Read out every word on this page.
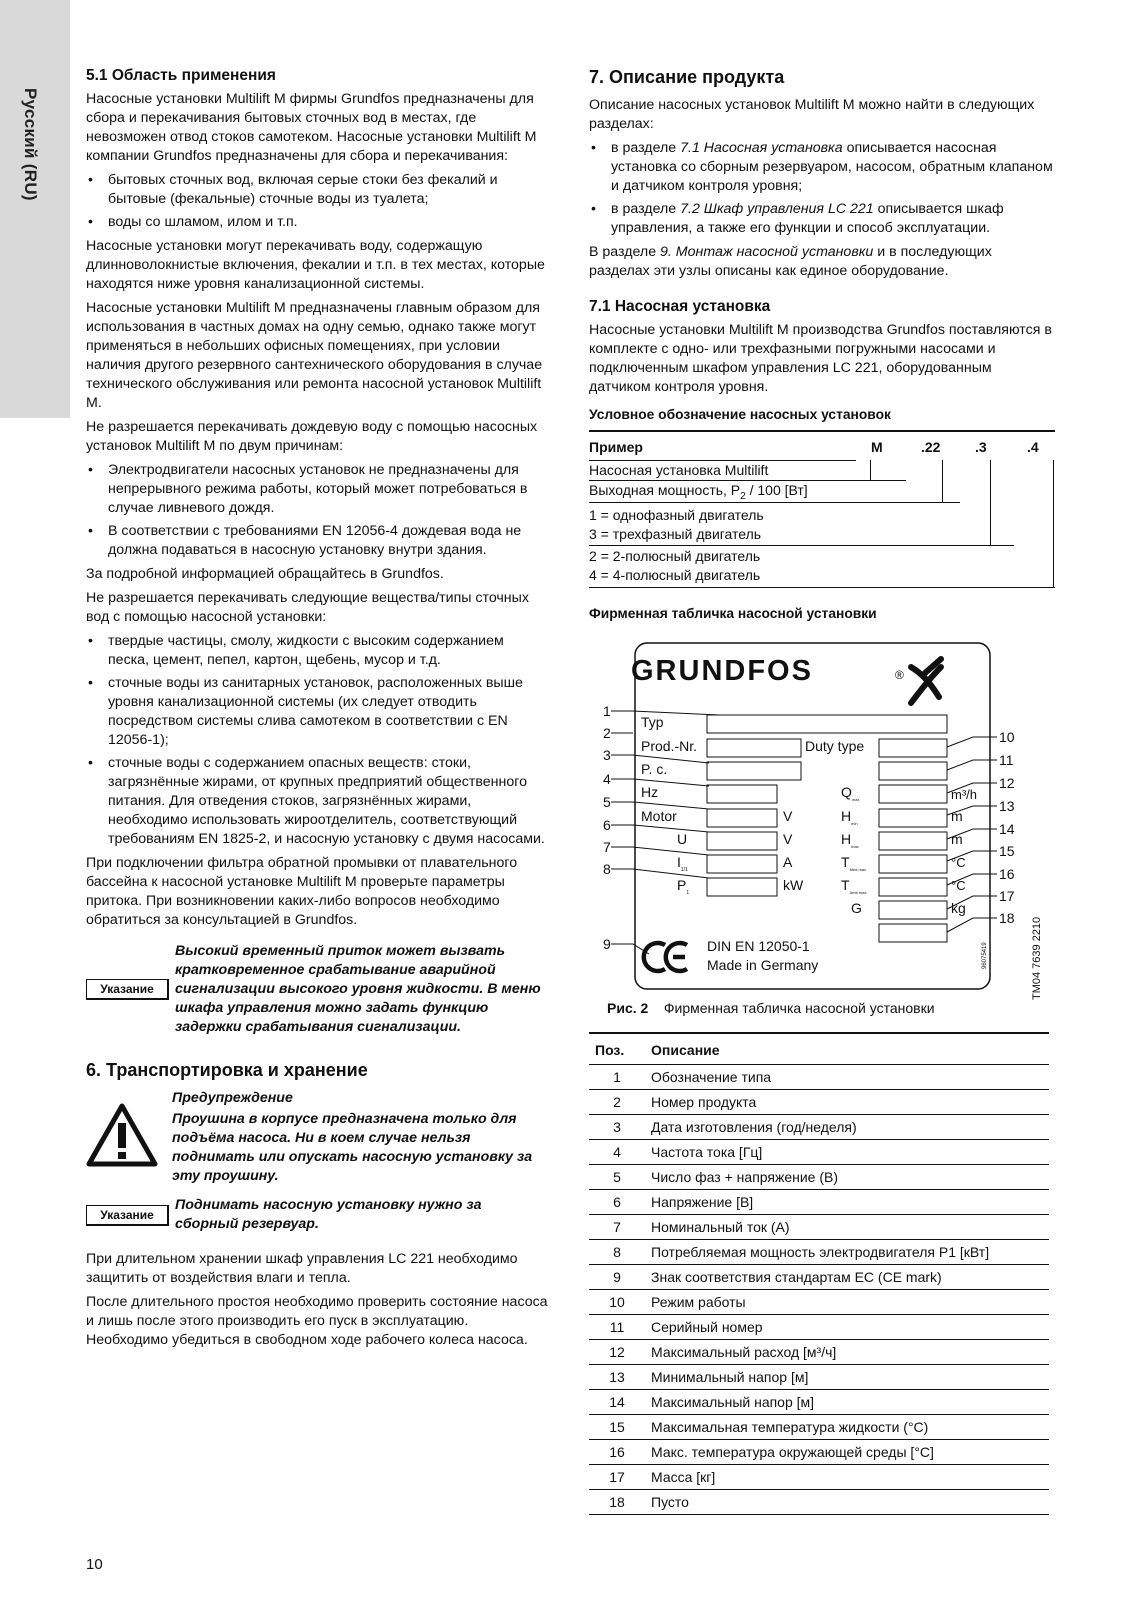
Русский (RU)
5.1 Область применения

Насосные установки Multilift M фирмы Grundfos предназначены для сбора и перекачивания бытовых сточных вод в местах, где невозможен отвод стоков самотеком. Насосные установки Multilift M компании Grundfos предназначены для сбора и перекачивания:

• бытовых сточных вод, включая серые стоки без фекалий и бытовые (фекальные) сточные воды из туалета;
• воды со шламом, илом и т.п.

Насосные установки могут перекачивать воду, содержащую длинноволокнистые включения, фекалии и т.п. в тех местах, которые находятся ниже уровня канализационной системы.

Насосные установки Multilift M предназначены главным образом для использования в частных домах на одну семью, однако также могут применяться в небольших офисных помещениях, при условии наличия другого резервного сантехнического оборудования в случае технического обслуживания или ремонта насосной установок Multilift M.

Не разрешается перекачивать дождевую воду с помощью насосных установок Multilift M по двум причинам:

• Электродвигатели насосных установок не предназначены для непрерывного режима работы, который может потребоваться в случае ливневого дождя.
• В соответствии с требованиями EN 12056-4 дождевая вода не должна подаваться в насосную установку внутри здания.

За подробной информацией обращайтесь в Grundfos.

Не разрешается перекачивать следующие вещества/типы сточных вод с помощью насосной установки:

• твердые частицы, смолу, жидкости с высоким содержанием песка, цемент, пепел, картон, щебень, мусор и т.д.
• сточные воды из санитарных установок, расположенных выше уровня канализационной системы (их следует отводить посредством системы слива самотеком в соответствии с EN 12056-1);
• сточные воды с содержанием опасных веществ: стоки, загрязнённые жирами, от крупных предприятий общественного питания. Для отведения стоков, загрязнённых жирами, необходимо использовать жироотделитель, соответствующий требованиям EN 1825-2, и насосную установку с двумя насосами.

При подключении фильтра обратной промывки от плавательного бассейна к насосной установке Multilift M проверьте параметры притока. При возникновении каких-либо вопросов необходимо обратиться за консультацией в Grundfos.

Указание
Высокий временный приток может вызвать кратковременное срабатывание аварийной сигнализации высокого уровня жидкости. В меню шкафа управления можно задать функцию задержки срабатывания сигнализации.
6. Транспортировка и хранение
Предупреждение
Проушина в корпусе предназначена только для подъёма насоса. Ни в коем случае нельзя поднимать или опускать насосную установку за эту проушину.
Указание
Поднимать насосную установку нужно за сборный резервуар.

При длительном хранении шкаф управления LC 221 необходимо защитить от воздействия влаги и тепла.

После длительного простоя необходимо проверить состояние насоса и лишь после этого производить его пуск в эксплуатацию. Необходимо убедиться в свободном ходе рабочего колеса насоса.

7. Описание продукта

Описание насосных установок Multilift M можно найти в следующих разделах:

• в разделе 7.1 Насосная установка описывается насосная установка со сборным резервуаром, насосом, обратным клапаном и датчиком контроля уровня;
• в разделе 7.2 Шкаф управления LC 221 описывается шкаф управления, а также его функции и способ эксплуатации.

В разделе 9. Монтаж насосной установки и в последующих разделах эти узлы описаны как единое оборудование.

7.1 Насосная установка

Насосные установки Multilift M производства Grundfos поставляются в комплекте с одно- или трехфазными погружными насосами и подключенным шкафом управления LC 221, оборудованным датчиком контроля уровня.

Условное обозначение насосных установок
Пример	M	.22 .3	.4
Насосная установка Multilift
Выходная мощность, $P_2 / 100$ [Вт]
1 = однофазный двигатель
3 = трехфазный двигатель
2 = 2-полюсный двигатель
4 = 4-полюсный двигатель
Фирменная табличка насосной установки
GRUNDFOS	®
Typ
Prod.-Nr.
P. c.
Hz
Motor
U
$I_{1/1}$
$P_1$
V
V
A
kW
Duty type
$Q_{max}$
$H_{min}$
$H_{max}$
$T_{Med max}$
$T_{Amb max}$
G
m³/h
m
m
°C
°C
kg
DIN EN 12050-1
Made in Germany	96075419
1
2
3
4
5
6
7
8
9
10
11
12
13
14
15
16
17
18
Рис. 2 Фирменная табличка насосной установки
Поз.	Описание
1	Обозначение типа
2	Номер продукта
3	Дата изготовления (год/неделя)
4	Частота тока [Гц]
5	Число фаз + напряжение (В)
6	Напряжение [В]
7	Номинальный ток (A)
8	Потребляемая мощность электродвигателя P1 [кВт]
9	Знак соответствия стандартам ЕС (CE mark)
10	Режим работы
11	Серийный номер
12	Максимальный расход [м³/ч]
13	Минимальный напор [м]
14	Максимальный напор [м]
15	Максимальная температура жидкости (°C)
16	Макс. температура окружающей среды [°C]
17	Масса [кг]
18	Пусто
TM04 7639 2210
10
